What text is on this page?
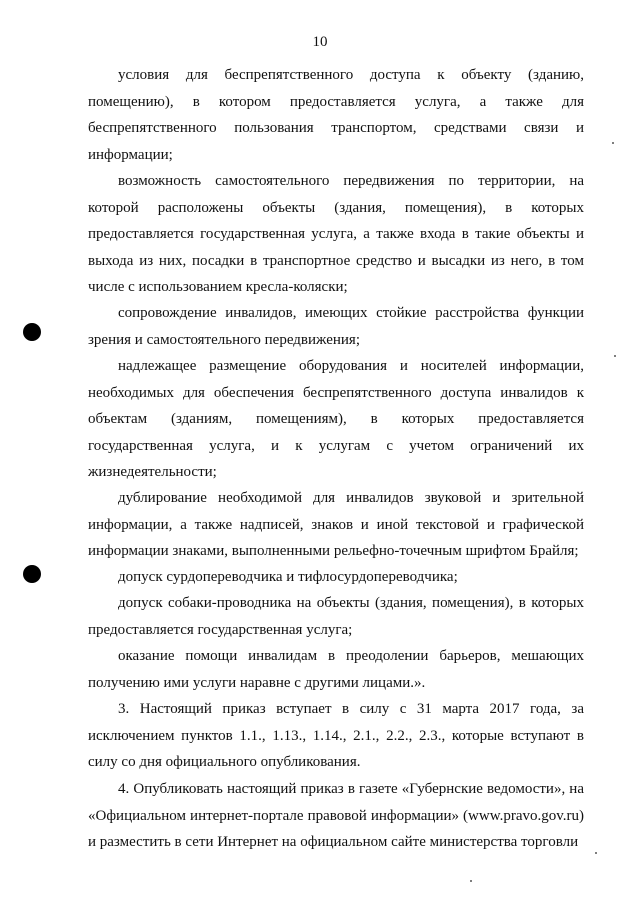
10

условия для беспрепятственного доступа к объекту (зданию, помещению), в котором предоставляется услуга, а также для беспрепятственного пользования транспортом, средствами связи и информации;

возможность самостоятельного передвижения по территории, на которой расположены объекты (здания, помещения), в которых предоставляется государственная услуга, а также входа в такие объекты и выхода из них, посадки в транспортное средство и высадки из него, в том числе с использованием кресла-коляски;

сопровождение инвалидов, имеющих стойкие расстройства функции зрения и самостоятельного передвижения;

надлежащее размещение оборудования и носителей информации, необходимых для обеспечения беспрепятственного доступа инвалидов к объектам (зданиям, помещениям), в которых предоставляется государственная услуга, и к услугам с учетом ограничений их жизнедеятельности;

дублирование необходимой для инвалидов звуковой и зрительной информации, а также надписей, знаков и иной текстовой и графической информации знаками, выполненными рельефно-точечным шрифтом Брайля;

допуск сурдопереводчика и тифлосурдопереводчика;

допуск собаки-проводника на объекты (здания, помещения), в которых предоставляется государственная услуга;

оказание помощи инвалидам в преодолении барьеров, мешающих получению ими услуги наравне с другими лицами.».

3. Настоящий приказ вступает в силу с 31 марта 2017 года, за исключением пунктов 1.1., 1.13., 1.14., 2.1., 2.2., 2.3., которые вступают в силу со дня официального опубликования.

4. Опубликовать настоящий приказ в газете «Губернские ведомости», на «Официальном интернет-портале правовой информации» (www.pravo.gov.ru) и разместить в сети Интернет на официальном сайте министерства торговли
